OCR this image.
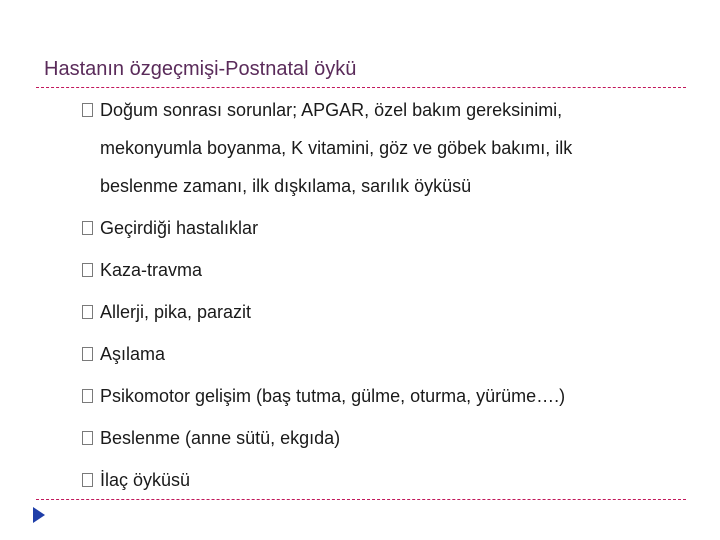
Hastanın özgeçmişi-Postnatal öykü
Doğum sonrası sorunlar; APGAR, özel bakım gereksinimi,
mekonyumla boyanma, K vitamini, göz ve göbek bakımı, ilk
beslenme zamanı, ilk dışkılama, sarılık öyküsü
Geçirdiği hastalıklar
Kaza-travma
Allerji, pika, parazit
Aşılama
Psikomotor gelişim (baş tutma, gülme, oturma, yürüme….)
Beslenme (anne sütü, ekgıda)
İlaç öyküsü
